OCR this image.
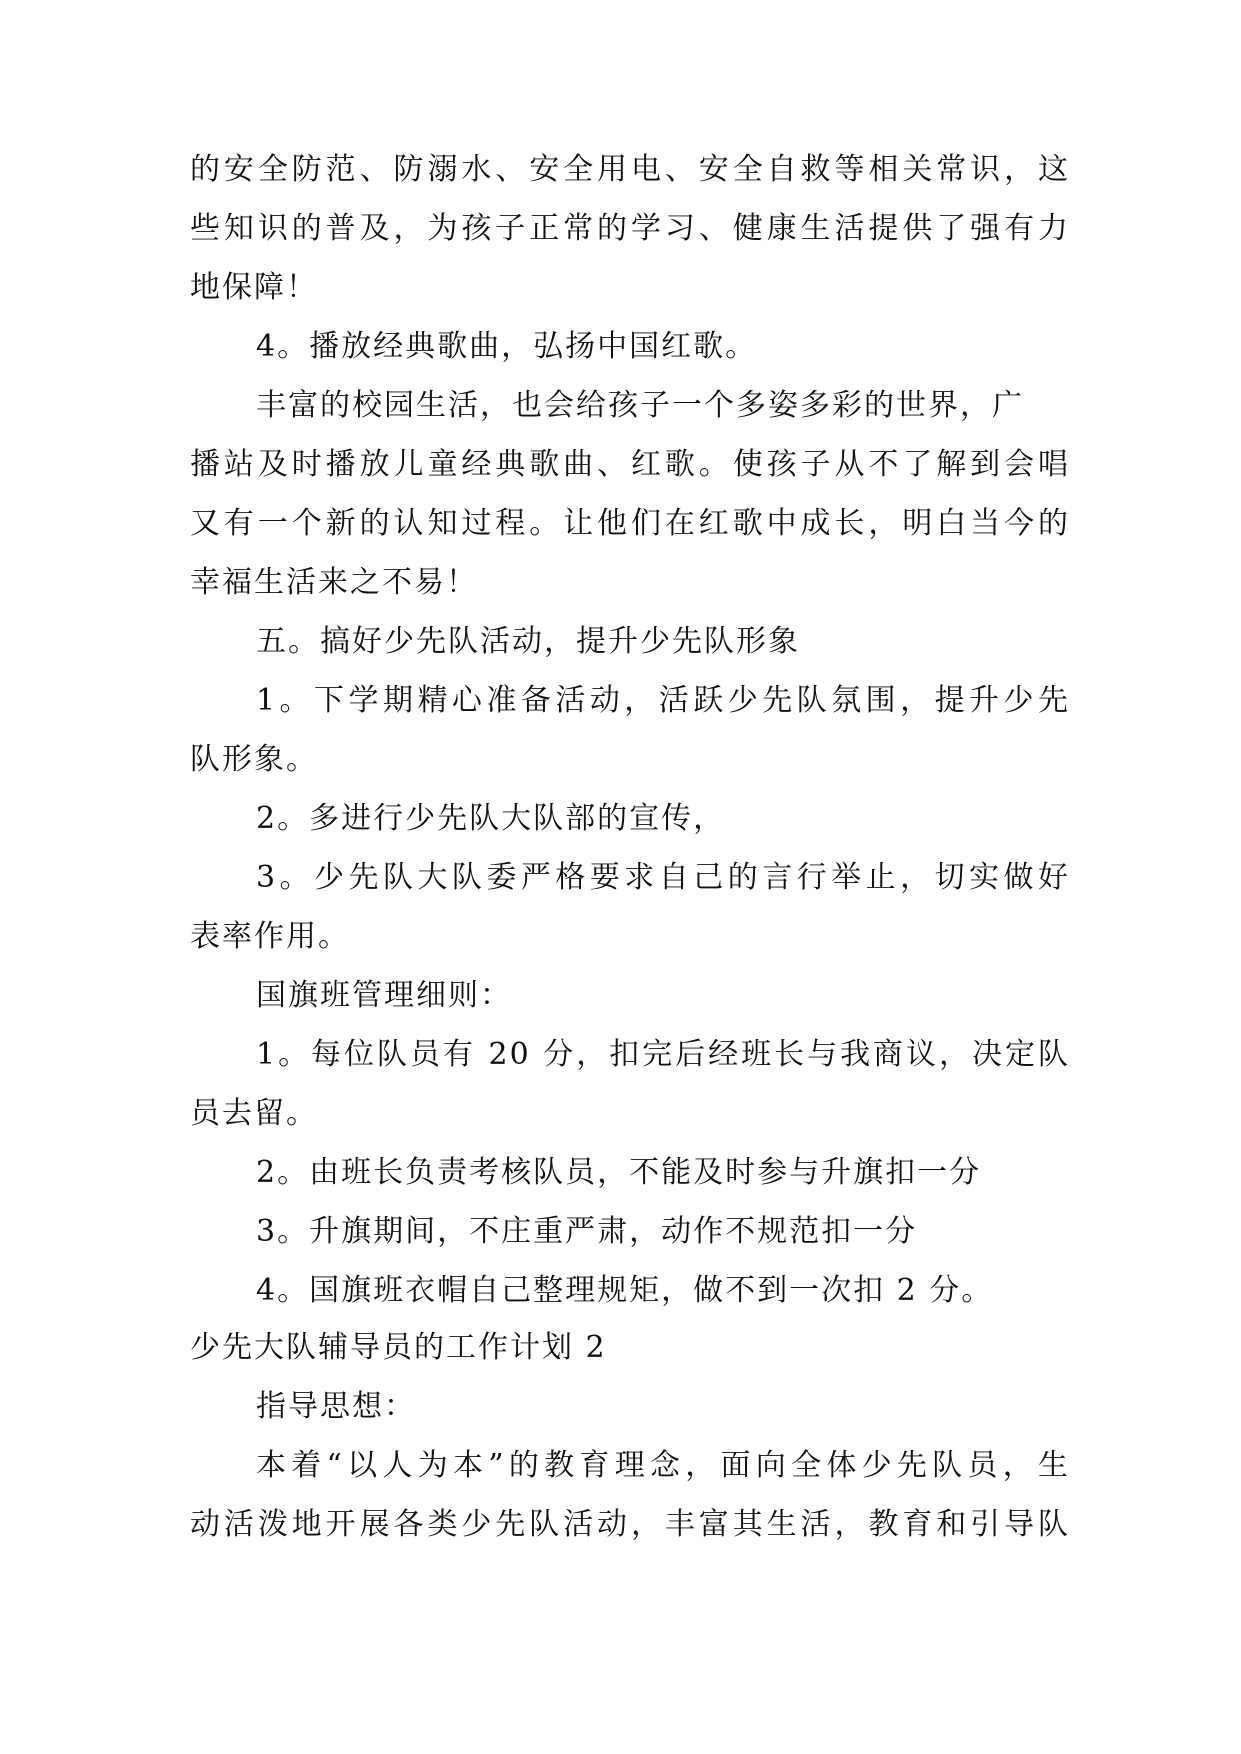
的安全防范、防溺水、安全用电、安全自救等相关常识，这
些知识的普及，为孩子正常的学习、健康生活提供了强有力
地保障！
4。播放经典歌曲，弘扬中国红歌。
丰富的校园生活，也会给孩子一个多姿多彩的世界，广
播站及时播放儿童经典歌曲、红歌。使孩子从不了解到会唱
又有一个新的认知过程。让他们在红歌中成长，明白当今的
幸福生活来之不易！
五。搞好少先队活动，提升少先队形象
1。下学期精心准备活动，活跃少先队氛围，提升少先
队形象。
2。多进行少先队大队部的宣传，
3。少先队大队委严格要求自己的言行举止，切实做好
表率作用。
国旗班管理细则：
1。每位队员有 20 分，扣完后经班长与我商议，决定队
员去留。
2。由班长负责考核队员，不能及时参与升旗扣一分
3。升旗期间，不庄重严肃，动作不规范扣一分
4。国旗班衣帽自己整理规矩，做不到一次扣 2 分。
少先大队辅导员的工作计划 2
指导思想：
本着“以人为本”的教育理念，面向全体少先队员，生
动活泼地开展各类少先队活动，丰富其生活，教育和引导队
